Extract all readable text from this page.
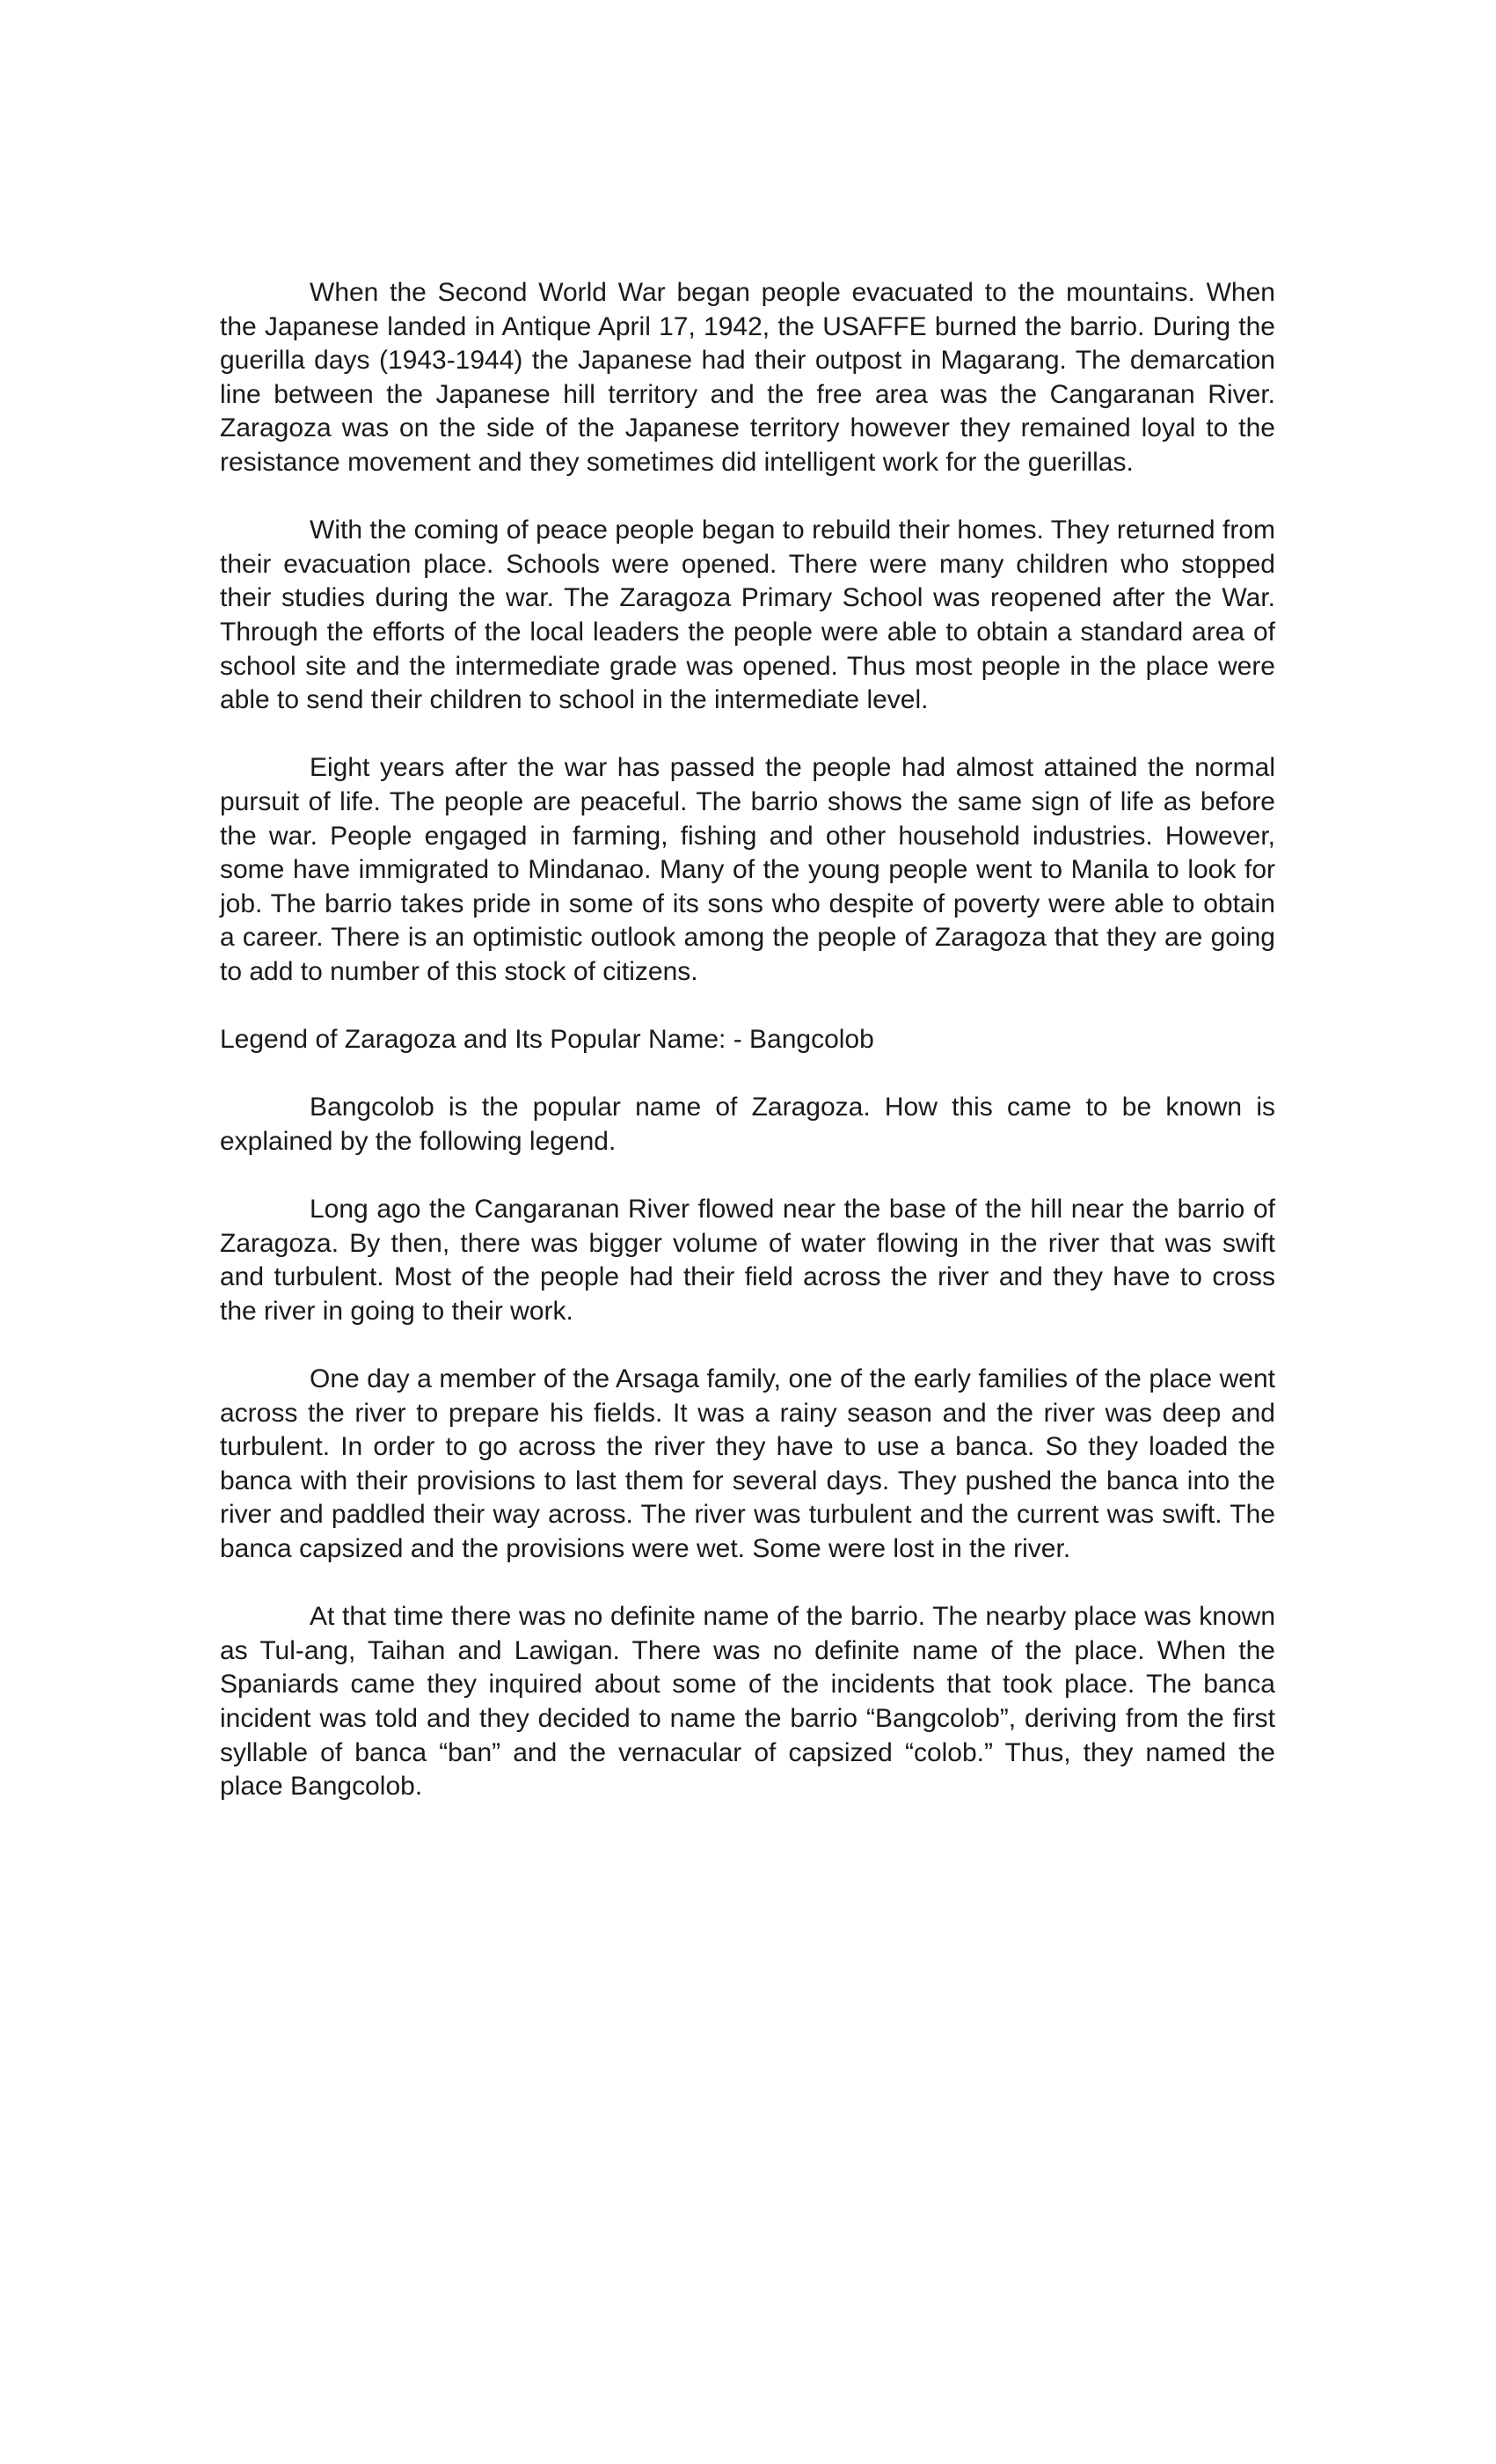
When the Second World War began people evacuated to the mountains. When the Japanese landed in Antique April 17, 1942, the USAFFE burned the barrio. During the guerilla days (1943-1944) the Japanese had their outpost in Magarang. The demarcation line between the Japanese hill territory and the free area was the Cangaranan River. Zaragoza was on the side of the Japanese territory however they remained loyal to the resistance movement and they sometimes did intelligent work for the guerillas.

With the coming of peace people began to rebuild their homes. They returned from their evacuation place. Schools were opened. There were many children who stopped their studies during the war. The Zaragoza Primary School was reopened after the War. Through the efforts of the local leaders the people were able to obtain a standard area of school site and the intermediate grade was opened. Thus most people in the place were able to send their children to school in the intermediate level.

Eight years after the war has passed the people had almost attained the normal pursuit of life. The people are peaceful. The barrio shows the same sign of life as before the war. People engaged in farming, fishing and other household industries. However, some have immigrated to Mindanao. Many of the young people went to Manila to look for job. The barrio takes pride in some of its sons who despite of poverty were able to obtain a career. There is an optimistic outlook among the people of Zaragoza that they are going to add to number of this stock of citizens.

Legend of Zaragoza and Its Popular Name: - Bangcolob

Bangcolob is the popular name of Zaragoza. How this came to be known is explained by the following legend.

Long ago the Cangaranan River flowed near the base of the hill near the barrio of Zaragoza. By then, there was bigger volume of water flowing in the river that was swift and turbulent. Most of the people had their field across the river and they have to cross the river in going to their work.

One day a member of the Arsaga family, one of the early families of the place went across the river to prepare his fields. It was a rainy season and the river was deep and turbulent. In order to go across the river they have to use a banca. So they loaded the banca with their provisions to last them for several days. They pushed the banca into the river and paddled their way across. The river was turbulent and the current was swift. The banca capsized and the provisions were wet. Some were lost in the river.

At that time there was no definite name of the barrio. The nearby place was known as Tul-ang, Taihan and Lawigan. There was no definite name of the place. When the Spaniards came they inquired about some of the incidents that took place. The banca incident was told and they decided to name the barrio “Bangcolob”, deriving from the first syllable of banca “ban” and the vernacular of capsized “colob.” Thus, they named the place Bangcolob.
